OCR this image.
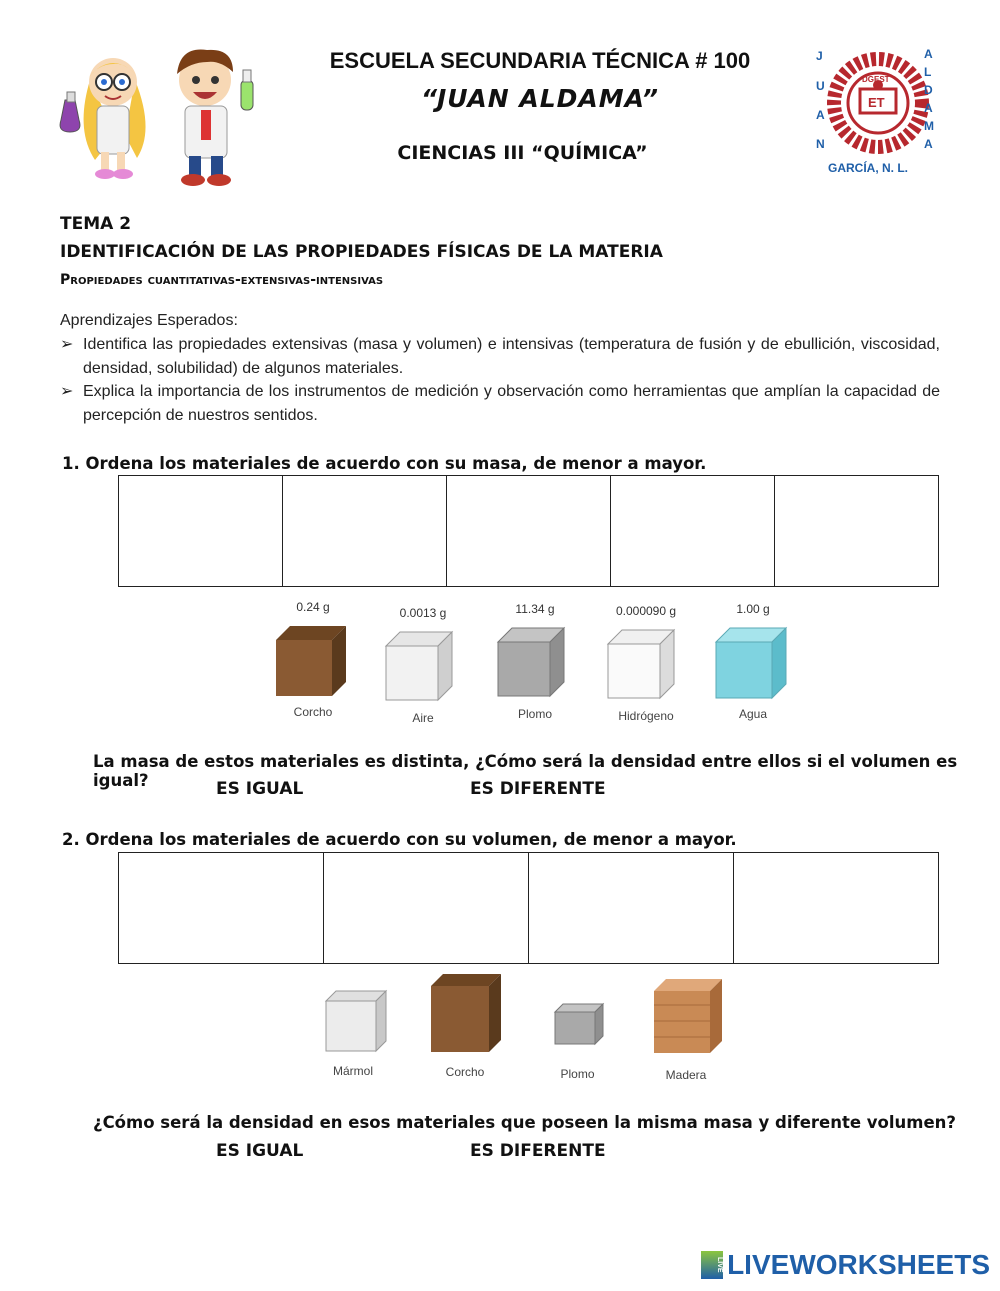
ESCUELA SECUNDARIA TÉCNICA # 100
“JUAN ALDAMA”
CIENCIAS III “QUÍMICA”
DGEST
ET
J
U
A
N
A
L
D
A
M
A
GARCÍA, N. L.
TEMA 2
IDENTIFICACIÓN DE LAS PROPIEDADES FÍSICAS DE LA MATERIA
Propiedades cuantitativas-extensivas-intensivas
Aprendizajes Esperados:
➢ Identifica las propiedades extensivas (masa y volumen) e intensivas (temperatura de fusión y de ebullición, viscosidad, densidad, solubilidad) de algunos materiales.
➢ Explica la importancia de los instrumentos de medición y observación como herramientas que amplían la capacidad de percepción de nuestros sentidos.
1. Ordena los materiales de acuerdo con su masa, de menor a mayor.
0.24 g
Corcho
0.0013 g
Aire
11.34 g
Plomo
0.000090 g
Hidrógeno
1.00 g
Agua
La masa de estos materiales es distinta, ¿Cómo será la densidad entre ellos si el volumen es igual?	ES IGUAL	ES DIFERENTE
2. Ordena los materiales de acuerdo con su volumen, de menor a mayor.
Mármol	Corcho	Plomo	Madera
¿Cómo será la densidad en esos materiales que poseen la misma masa y diferente volumen?
ES IGUAL	ES DIFERENTE
LIVE LIVEWORKSHEETS
